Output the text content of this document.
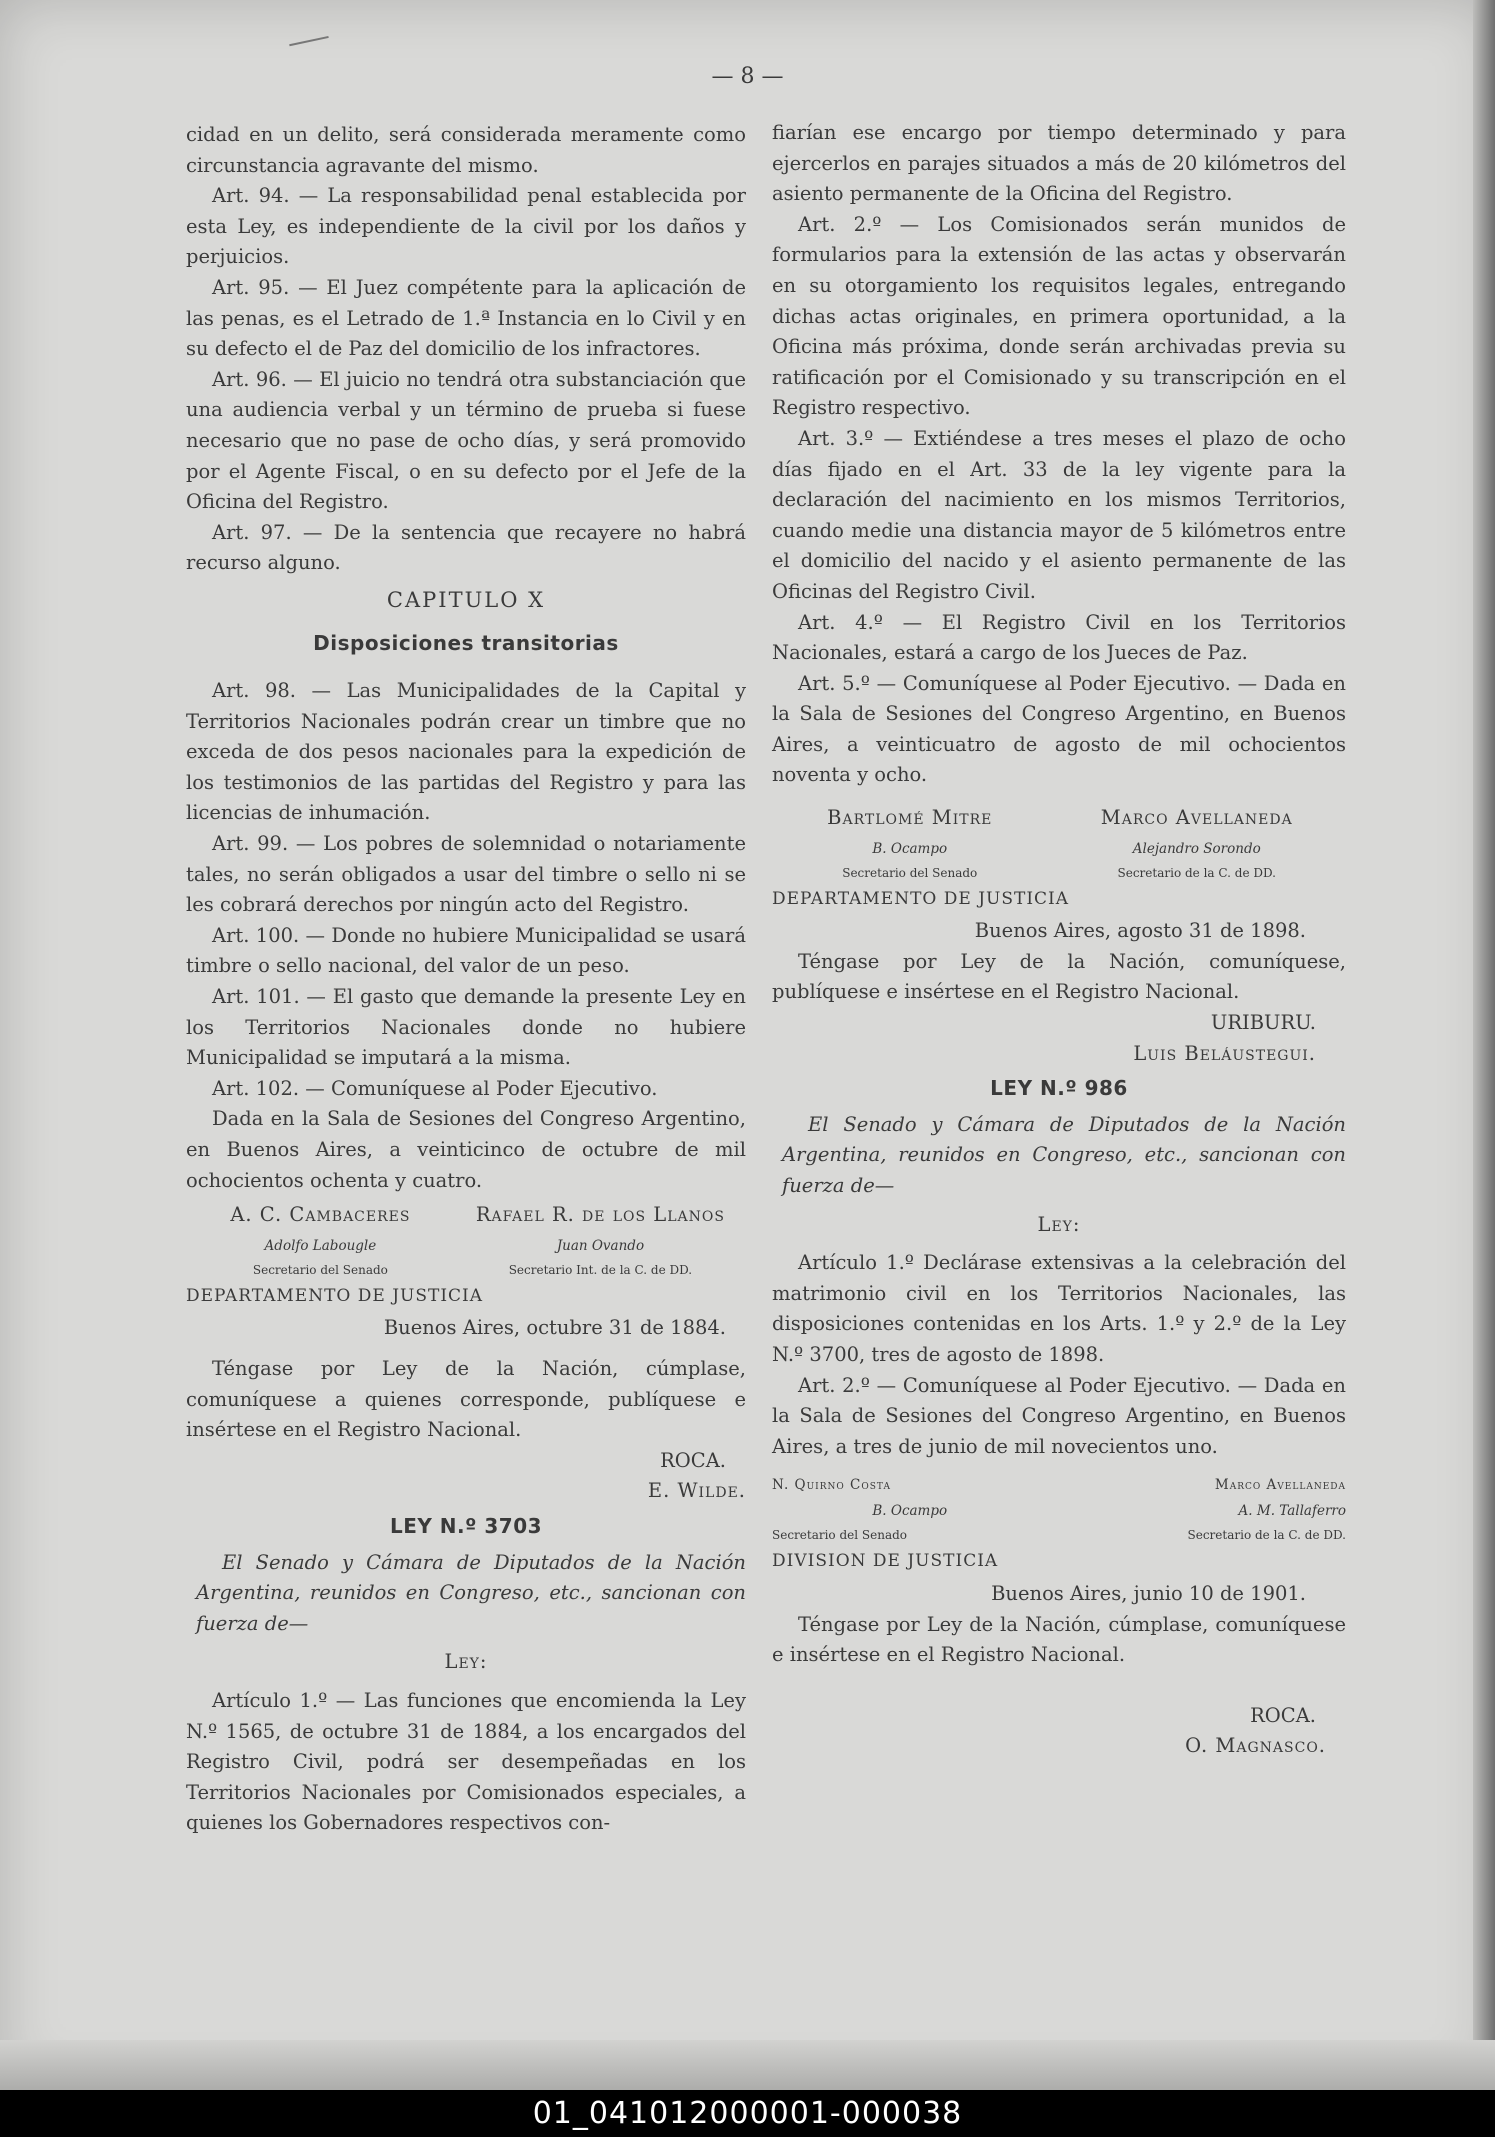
— 8 —

cidad en un delito, será considerada meramente como circunstancia agravante del mismo.

Art. 94. — La responsabilidad penal establecida por esta Ley, es independiente de la civil por los daños y perjuicios.

Art. 95. — El Juez compétente para la aplicación de las penas, es el Letrado de 1.ª Instancia en lo Civil y en su defecto el de Paz del domicilio de los infractores.

Art. 96. — El juicio no tendrá otra substanciación que una audiencia verbal y un término de prueba si fuese necesario que no pase de ocho días, y será promovido por el Agente Fiscal, o en su defecto por el Jefe de la Oficina del Registro.

Art. 97. — De la sentencia que recayere no habrá recurso alguno.

CAPITULO X
Disposiciones transitorias

Art. 98. — Las Municipalidades de la Capital y Territorios Nacionales podrán crear un timbre que no exceda de dos pesos nacionales para la expedición de los testimonios de las partidas del Registro y para las licencias de inhumación.

Art. 99. — Los pobres de solemnidad o notariamente tales, no serán obligados a usar del timbre o sello ni se les cobrará derechos por ningún acto del Registro.

Art. 100. — Donde no hubiere Municipalidad se usará timbre o sello nacional, del valor de un peso.

Art. 101. — El gasto que demande la presente Ley en los Territorios Nacionales donde no hubiere Municipalidad se imputará a la misma.

Art. 102. — Comuníquese al Poder Ejecutivo.

Dada en la Sala de Sesiones del Congreso Argentino, en Buenos Aires, a veinticinco de octubre de mil ochocientos ochenta y cuatro.

A. C. Cambaceres	Rafael R. de los Llanos
Adolfo Labougle	Juan Ovando
Secretario del Senado	Secretario Int. de la C. de DD.
DEPARTAMENTO DE JUSTICIA

Buenos Aires, octubre 31 de 1884.

Téngase por Ley de la Nación, cúmplase, comuníquese a quienes corresponde, publíquese e insértese en el Registro Nacional.

ROCA.

E. Wilde.

LEY N.º 3703

El Senado y Cámara de Diputados de la Nación Argentina, reunidos en Congreso, etc., sancionan con fuerza de—

Ley:

Artículo 1.º — Las funciones que encomienda la Ley N.º 1565, de octubre 31 de 1884, a los encargados del Registro Civil, podrá ser desempeñadas en los Territorios Nacionales por Comisionados especiales, a quienes los Gobernadores respectivos con-

fiarían ese encargo por tiempo determinado y para ejercerlos en parajes situados a más de 20 kilómetros del asiento permanente de la Oficina del Registro.

Art. 2.º — Los Comisionados serán munidos de formularios para la extensión de las actas y observarán en su otorgamiento los requisitos legales, entregando dichas actas originales, en primera oportunidad, a la Oficina más próxima, donde serán archivadas previa su ratificación por el Comisionado y su transcripción en el Registro respectivo.

Art. 3.º — Extiéndese a tres meses el plazo de ocho días fijado en el Art. 33 de la ley vigente para la declaración del nacimiento en los mismos Territorios, cuando medie una distancia mayor de 5 kilómetros entre el domicilio del nacido y el asiento permanente de las Oficinas del Registro Civil.

Art. 4.º — El Registro Civil en los Territorios Nacionales, estará a cargo de los Jueces de Paz.

Art. 5.º — Comuníquese al Poder Ejecutivo. — Dada en la Sala de Sesiones del Congreso Argentino, en Buenos Aires, a veinticuatro de agosto de mil ochocientos noventa y ocho.

Bartlomé Mitre	Marco Avellaneda
B. Ocampo	Alejandro Sorondo
Secretario del Senado	Secretario de la C. de DD.
DEPARTAMENTO DE JUSTICIA

Buenos Aires, agosto 31 de 1898.

Téngase por Ley de la Nación, comuníquese, publíquese e insértese en el Registro Nacional.

URIBURU.

Luis Beláustegui.

LEY N.º 986

El Senado y Cámara de Diputados de la Nación Argentina, reunidos en Congreso, etc., sancionan con fuerza de—

Ley:

Artículo 1.º Declárase extensivas a la celebración del matrimonio civil en los Territorios Nacionales, las disposiciones contenidas en los Arts. 1.º y 2.º de la Ley N.º 3700, tres de agosto de 1898.

Art. 2.º — Comuníquese al Poder Ejecutivo. — Dada en la Sala de Sesiones del Congreso Argentino, en Buenos Aires, a tres de junio de mil novecientos uno.

N. Quirno Costa	Marco Avellaneda
B. Ocampo	A. M. Tallaferro
Secretario del Senado	Secretario de la C. de DD.
DIVISION DE JUSTICIA

Buenos Aires, junio 10 de 1901.

Téngase por Ley de la Nación, cúmplase, comuníquese e insértese en el Registro Nacional.

ROCA.

O. Magnasco.

01_041012000001-000038
